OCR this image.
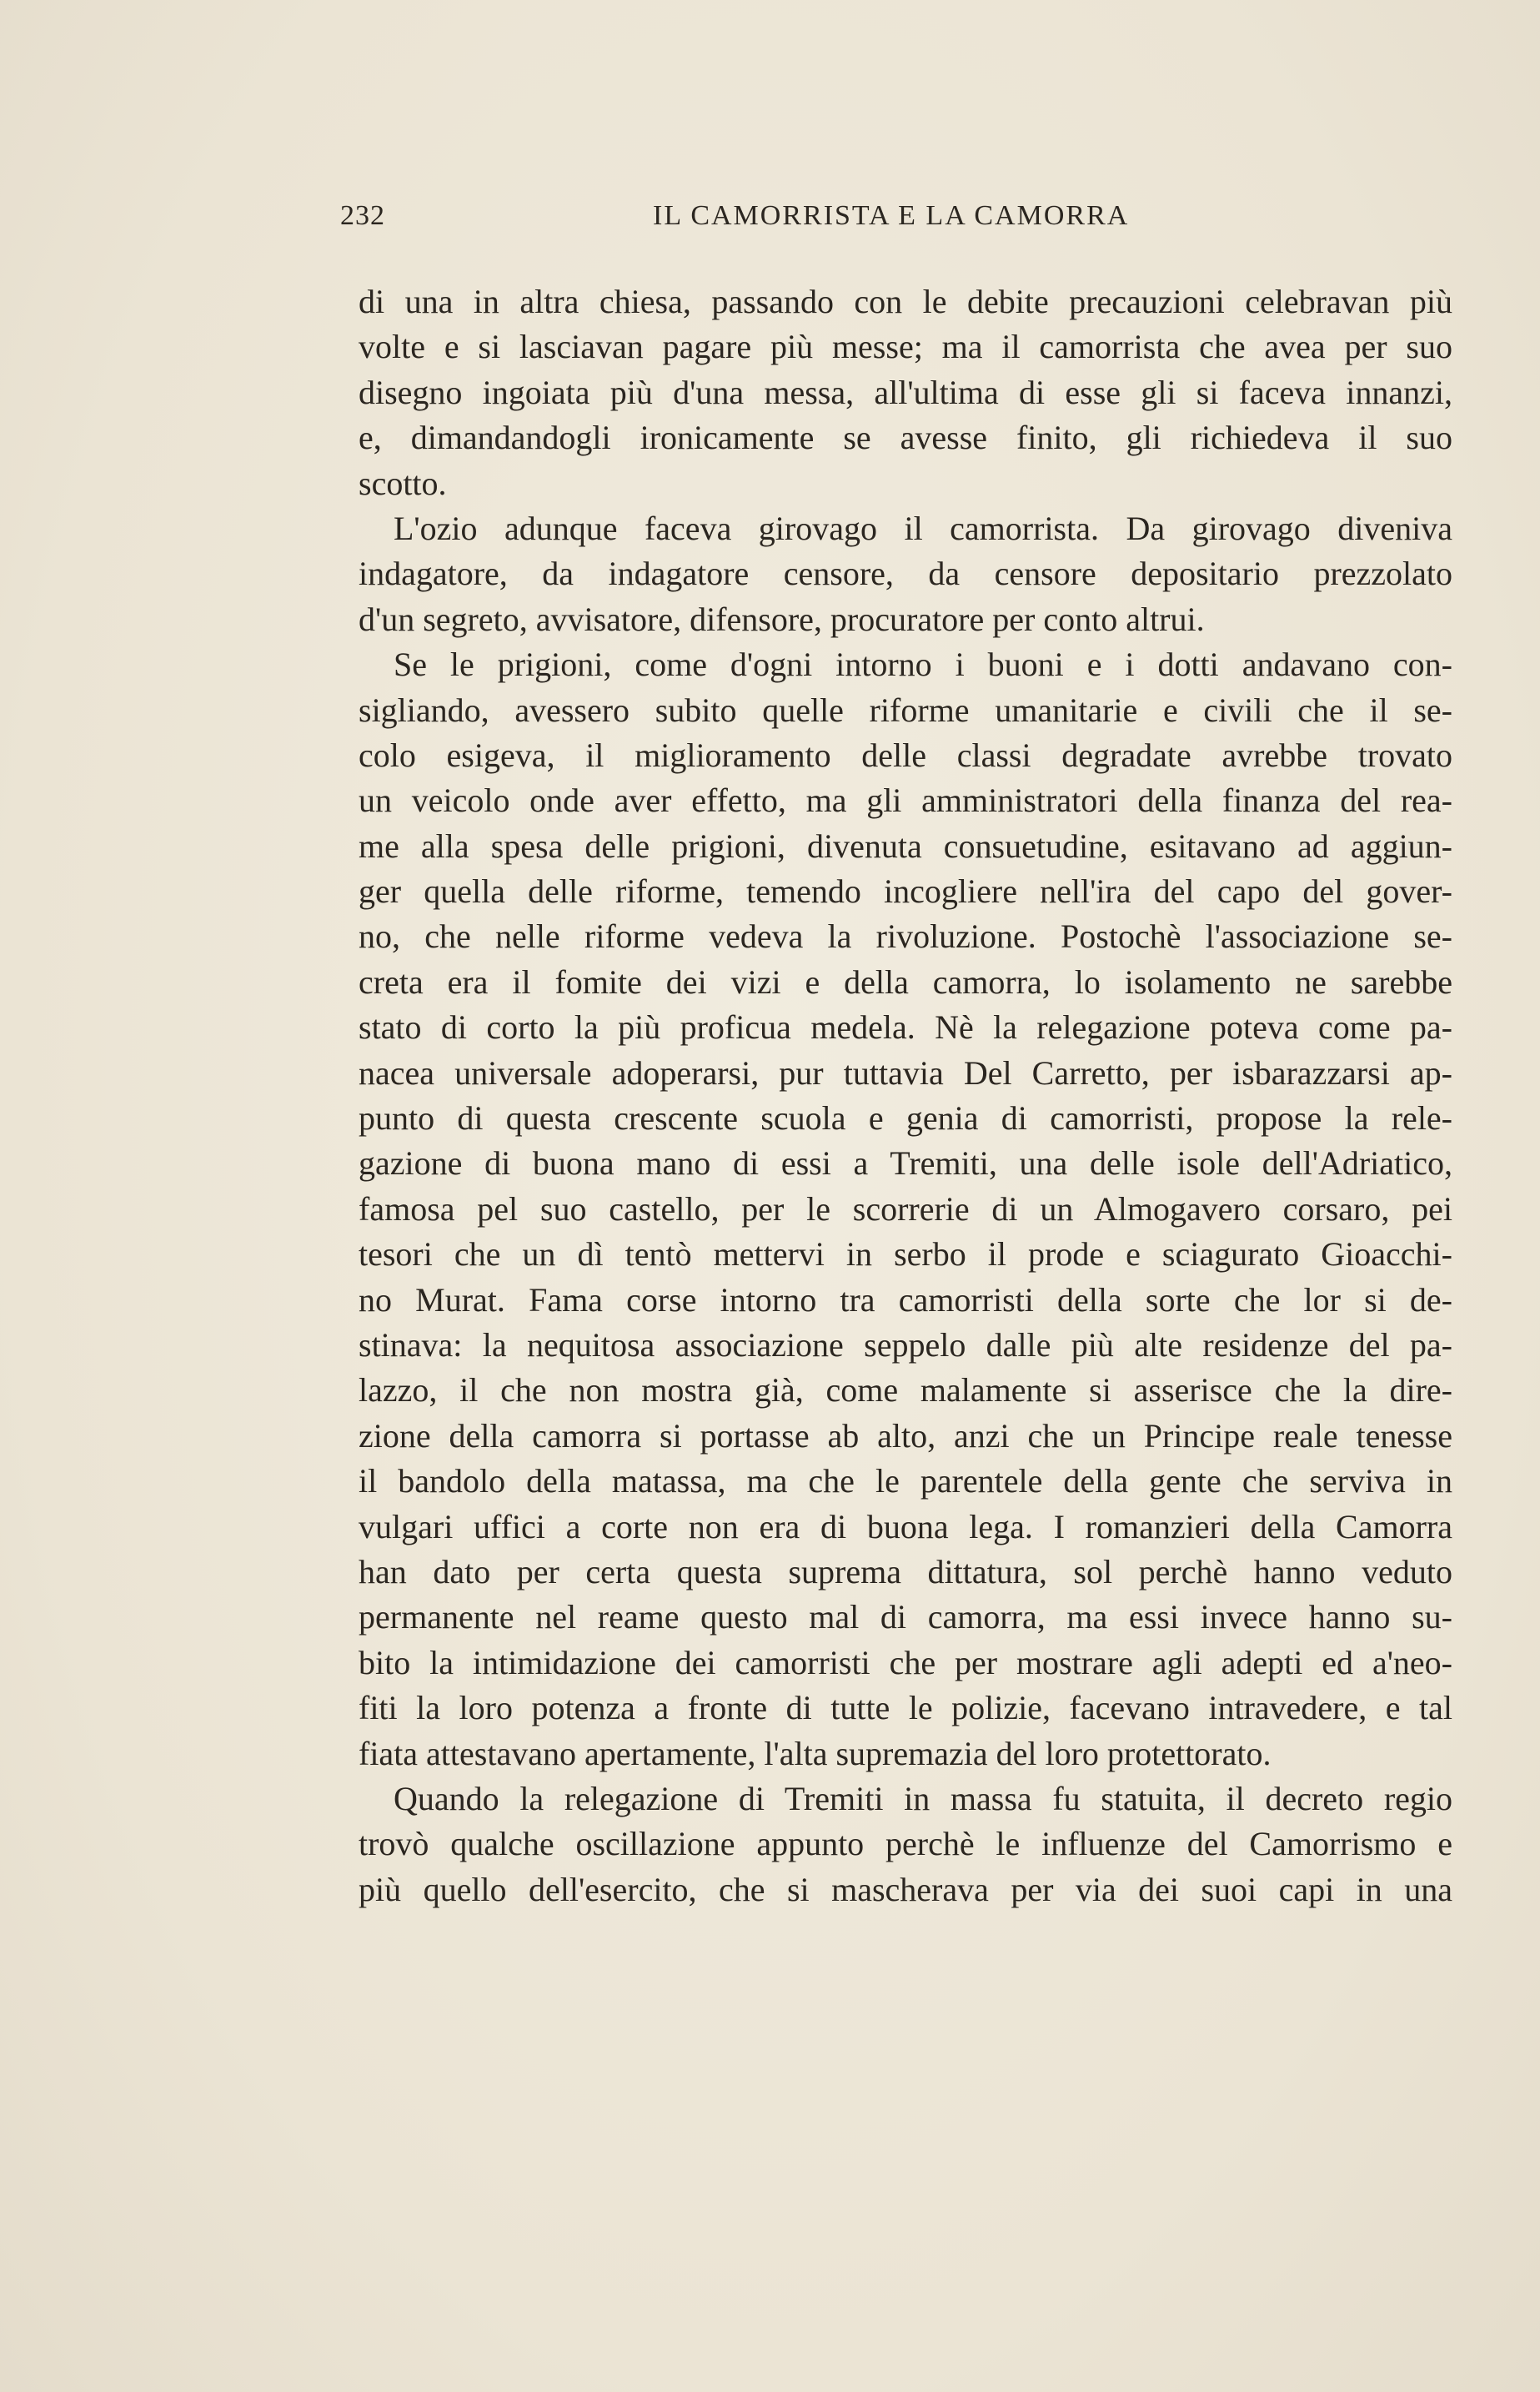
232	IL CAMORRISTA E LA CAMORRA
di una in altra chiesa, passando con le debite precauzioni celebravan più
volte e si lasciavan pagare più messe; ma il camorrista che avea per suo
disegno ingoiata più d'una messa, all'ultima di esse gli si faceva innanzi,
e, dimandandogli ironicamente se avesse finito, gli richiedeva il suo
scotto.
L'ozio adunque faceva girovago il camorrista. Da girovago diveniva
indagatore, da indagatore censore, da censore depositario prezzolato
d'un segreto, avvisatore, difensore, procuratore per conto altrui.
Se le prigioni, come d'ogni intorno i buoni e i dotti andavano con-
sigliando, avessero subito quelle riforme umanitarie e civili che il se-
colo esigeva, il miglioramento delle classi degradate avrebbe trovato
un veicolo onde aver effetto, ma gli amministratori della finanza del rea-
me alla spesa delle prigioni, divenuta consuetudine, esitavano ad aggiun-
ger quella delle riforme, temendo incogliere nell'ira del capo del gover-
no, che nelle riforme vedeva la rivoluzione. Postochè l'associazione se-
creta era il fomite dei vizi e della camorra, lo isolamento ne sarebbe
stato di corto la più proficua medela. Nè la relegazione poteva come pa-
nacea universale adoperarsi, pur tuttavia Del Carretto, per isbarazzarsi ap-
punto di questa crescente scuola e genia di camorristi, propose la rele-
gazione di buona mano di essi a Tremiti, una delle isole dell'Adriatico,
famosa pel suo castello, per le scorrerie di un Almogavero corsaro, pei
tesori che un dì tentò mettervi in serbo il prode e sciagurato Gioacchi-
no Murat. Fama corse intorno tra camorristi della sorte che lor si de-
stinava: la nequitosa associazione seppelo dalle più alte residenze del pa-
lazzo, il che non mostra già, come malamente si asserisce che la dire-
zione della camorra si portasse ab alto, anzi che un Principe reale tenesse
il bandolo della matassa, ma che le parentele della gente che serviva in
vulgari uffici a corte non era di buona lega. I romanzieri della Camorra
han dato per certa questa suprema dittatura, sol perchè hanno veduto
permanente nel reame questo mal di camorra, ma essi invece hanno su-
bito la intimidazione dei camorristi che per mostrare agli adepti ed a'neo-
fiti la loro potenza a fronte di tutte le polizie, facevano intravedere, e tal
fiata attestavano apertamente, l'alta supremazia del loro protettorato.
Quando la relegazione di Tremiti in massa fu statuita, il decreto regio
trovò qualche oscillazione appunto perchè le influenze del Camorrismo e
più quello dell'esercito, che si mascherava per via dei suoi capi in una
